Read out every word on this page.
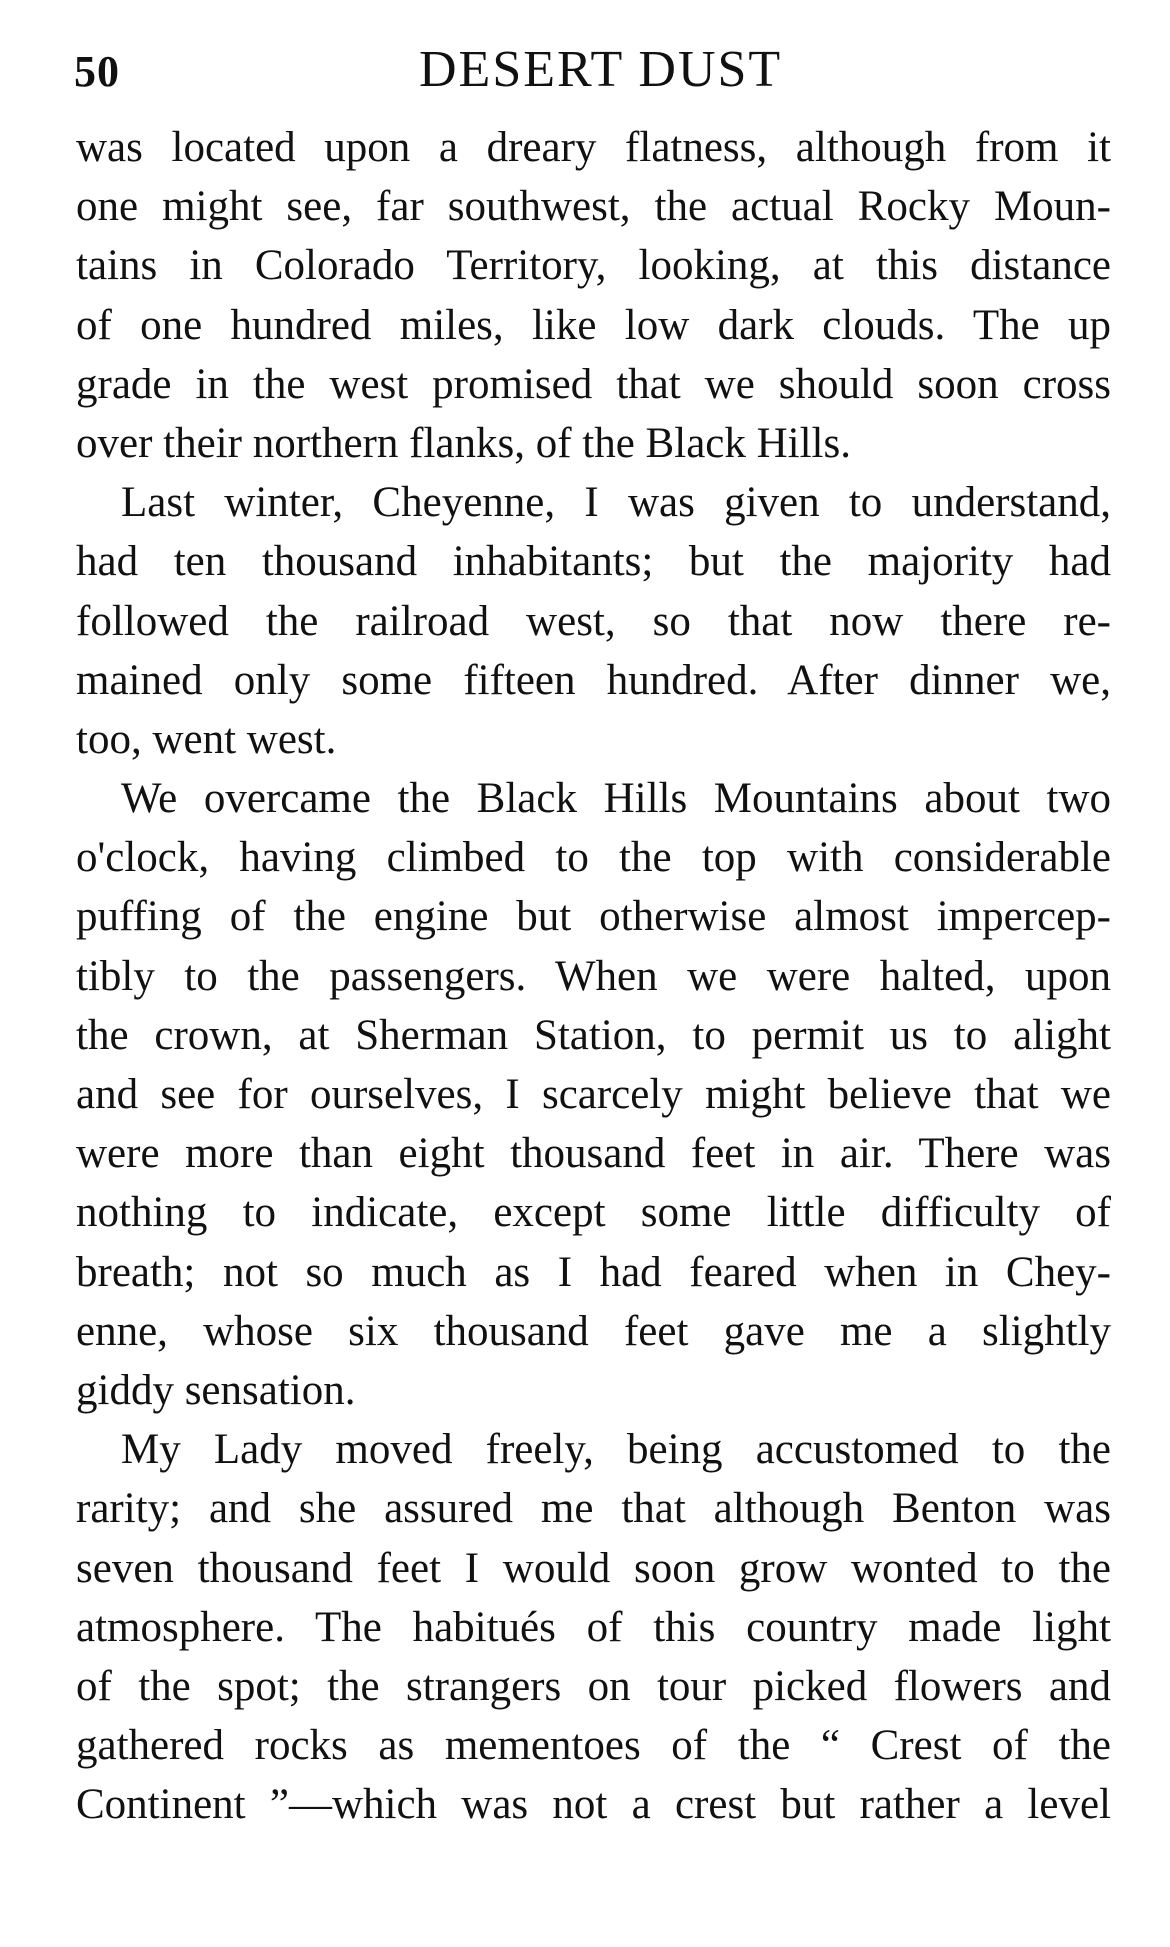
50	DESERT DUST
was located upon a dreary flatness, although from it
one might see, far southwest, the actual Rocky Moun-
tains in Colorado Territory, looking, at this distance
of one hundred miles, like low dark clouds. The up
grade in the west promised that we should soon cross
over their northern flanks, of the Black Hills.
Last winter, Cheyenne, I was given to understand,
had ten thousand inhabitants; but the majority had
followed the railroad west, so that now there re-
mained only some fifteen hundred. After dinner we,
too, went west.
We overcame the Black Hills Mountains about two
o'clock, having climbed to the top with considerable
puffing of the engine but otherwise almost impercep-
tibly to the passengers. When we were halted, upon
the crown, at Sherman Station, to permit us to alight
and see for ourselves, I scarcely might believe that we
were more than eight thousand feet in air. There was
nothing to indicate, except some little difficulty of
breath; not so much as I had feared when in Chey-
enne, whose six thousand feet gave me a slightly
giddy sensation.
My Lady moved freely, being accustomed to the
rarity; and she assured me that although Benton was
seven thousand feet I would soon grow wonted to the
atmosphere. The habitués of this country made light
of the spot; the strangers on tour picked flowers and
gathered rocks as mementoes of the “ Crest of the
Continent ”—which was not a crest but rather a level
